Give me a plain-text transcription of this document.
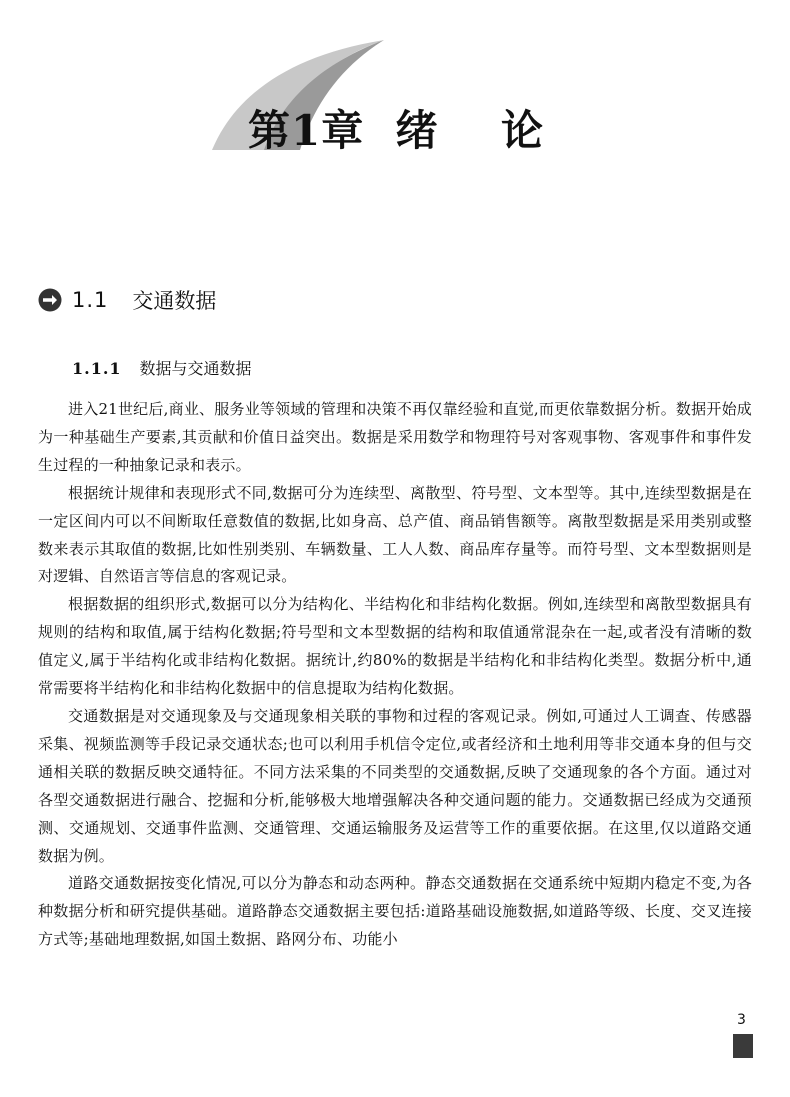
第1章  绪    论
1.1 交通数据
1.1.1 数据与交通数据

进入21世纪后,商业、服务业等领域的管理和决策不再仅靠经验和直觉,而更依靠数据分析。数据开始成为一种基础生产要素,其贡献和价值日益突出。数据是采用数学和物理符号对客观事物、客观事件和事件发生过程的一种抽象记录和表示。

根据统计规律和表现形式不同,数据可分为连续型、离散型、符号型、文本型等。其中,连续型数据是在一定区间内可以不间断取任意数值的数据,比如身高、总产值、商品销售额等。离散型数据是采用类别或整数来表示其取值的数据,比如性别类别、车辆数量、工人人数、商品库存量等。而符号型、文本型数据则是对逻辑、自然语言等信息的客观记录。

根据数据的组织形式,数据可以分为结构化、半结构化和非结构化数据。例如,连续型和离散型数据具有规则的结构和取值,属于结构化数据;符号型和文本型数据的结构和取值通常混杂在一起,或者没有清晰的数值定义,属于半结构化或非结构化数据。据统计,约80%的数据是半结构化和非结构化类型。数据分析中,通常需要将半结构化和非结构化数据中的信息提取为结构化数据。

交通数据是对交通现象及与交通现象相关联的事物和过程的客观记录。例如,可通过人工调查、传感器采集、视频监测等手段记录交通状态;也可以利用手机信令定位,或者经济和土地利用等非交通本身的但与交通相关联的数据反映交通特征。不同方法采集的不同类型的交通数据,反映了交通现象的各个方面。通过对各型交通数据进行融合、挖掘和分析,能够极大地增强解决各种交通问题的能力。交通数据已经成为交通预测、交通规划、交通事件监测、交通管理、交通运输服务及运营等工作的重要依据。在这里,仅以道路交通数据为例。

道路交通数据按变化情况,可以分为静态和动态两种。静态交通数据在交通系统中短期内稳定不变,为各种数据分析和研究提供基础。道路静态交通数据主要包括:道路基础设施数据,如道路等级、长度、交叉连接方式等;基础地理数据,如国土数据、路网分布、功能小

3
